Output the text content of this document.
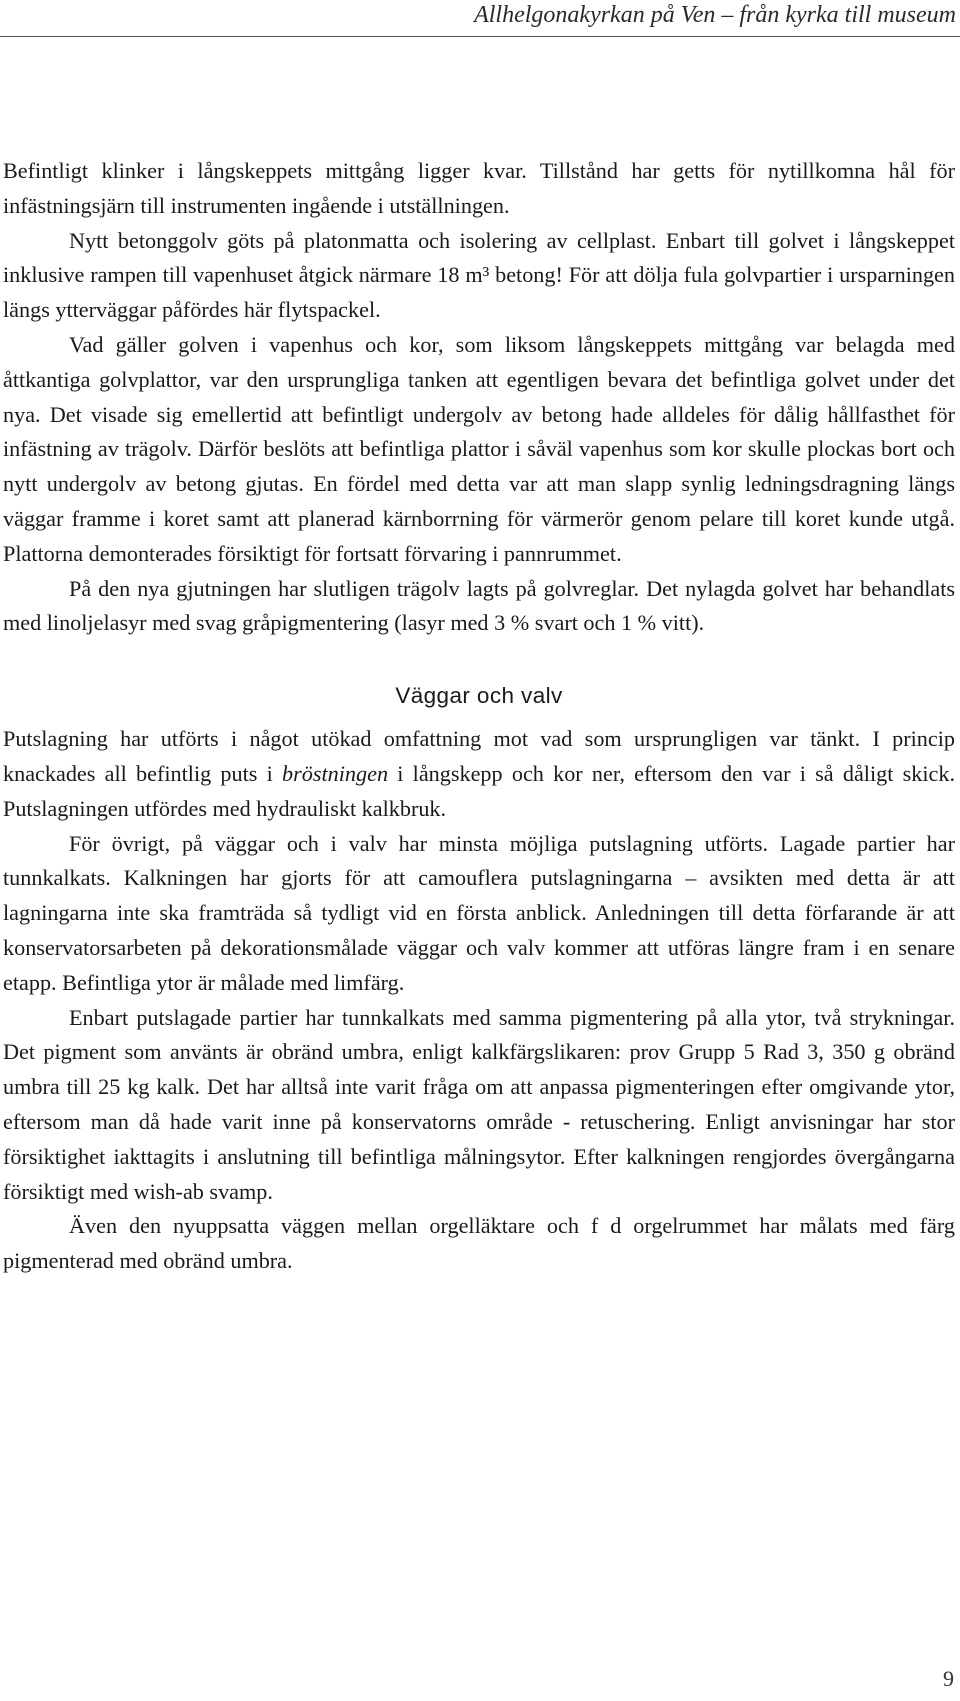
Allhelgonakyrkan på Ven – från kyrka till museum

Befintligt klinker i långskeppets mittgång ligger kvar. Tillstånd har getts för nytillkomna hål för infästningsjärn till instrumenten ingående i utställningen.

Nytt betonggolv göts på platonmatta och isolering av cellplast. Enbart till golvet i långskeppet inklusive rampen till vapenhuset åtgick närmare 18 m³ betong! För att dölja fula golvpartier i ursparningen längs ytterväggar påfördes här flytspackel.

Vad gäller golven i vapenhus och kor, som liksom långskeppets mittgång var belagda med åttkantiga golvplattor, var den ursprungliga tanken att egentligen bevara det befintliga golvet under det nya. Det visade sig emellertid att befintligt undergolv av betong hade alldeles för dålig hållfasthet för infästning av trägolv. Därför beslöts att befintliga plattor i såväl vapenhus som kor skulle plockas bort och nytt undergolv av betong gjutas. En fördel med detta var att man slapp synlig ledningsdragning längs väggar framme i koret samt att planerad kärnborrning för värmerör genom pelare till koret kunde utgå. Plattorna demonterades försiktigt för fortsatt förvaring i pannrummet.

På den nya gjutningen har slutligen trägolv lagts på golvreglar. Det nylagda golvet har behandlats med linoljelasyr med svag gråpigmentering (lasyr med 3 % svart och 1 % vitt).

Väggar och valv

Putslagning har utförts i något utökad omfattning mot vad som ursprungligen var tänkt. I princip knackades all befintlig puts i bröstningen i långskepp och kor ner, eftersom den var i så dåligt skick. Putslagningen utfördes med hydrauliskt kalkbruk.

För övrigt, på väggar och i valv har minsta möjliga putslagning utförts. Lagade partier har tunnkalkats. Kalkningen har gjorts för att camouflera putslagningarna – avsikten med detta är att lagningarna inte ska framträda så tydligt vid en första anblick. Anledningen till detta förfarande är att konservatorsarbeten på dekorationsmålade väggar och valv kommer att utföras längre fram i en senare etapp. Befintliga ytor är målade med limfärg.

Enbart putslagade partier har tunnkalkats med samma pigmentering på alla ytor, två strykningar. Det pigment som använts är obränd umbra, enligt kalkfärgslikaren: prov Grupp 5 Rad 3, 350 g obränd umbra till 25 kg kalk. Det har alltså inte varit fråga om att anpassa pigmenteringen efter omgivande ytor, eftersom man då hade varit inne på konservatorns område - retuschering. Enligt anvisningar har stor försiktighet iakttagits i anslutning till befintliga målningsytor. Efter kalkningen rengjordes övergångarna försiktigt med wish-ab svamp.

Även den nyuppsatta väggen mellan orgelläktare och f d orgelrummet har målats med färg pigmenterad med obränd umbra.

9
